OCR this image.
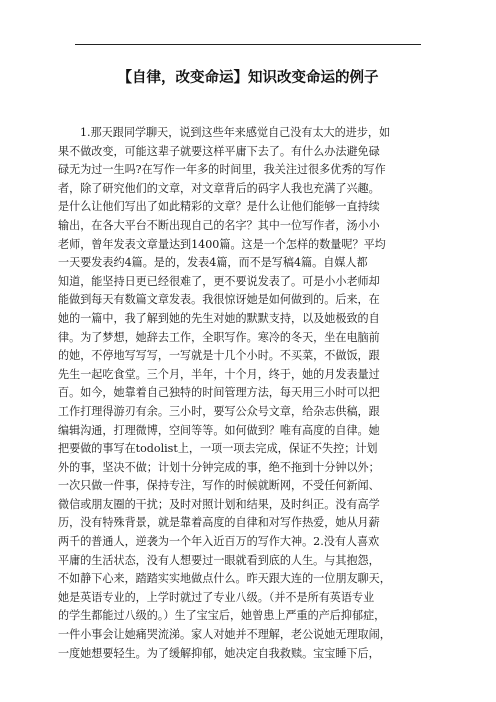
【自律，改变命运】知识改变命运的例子
1.那天跟同学聊天，说到这些年来感觉自己没有太大的进步，如
果不做改变，可能这辈子就要这样平庸下去了。有什么办法避免碌
碌无为过一生吗?在写作一年多的时间里，我关注过很多优秀的写作
者，除了研究他们的文章，对文章背后的码字人我也充满了兴趣。
是什么让他们写出了如此精彩的文章？是什么让他们能够一直持续
输出，在各大平台不断出现自己的名字？其中一位写作者，汤小小
老师，曾年发表文章量达到1400篇。这是一个怎样的数量呢？平均
一天要发表约4篇。是的，发表4篇，而不是写稿4篇。自媒人都
知道，能坚持日更已经很难了，更不要说发表了。可是小小老师却
能做到每天有数篇文章发表。我很惊讶她是如何做到的。后来，在
她的一篇中，我了解到她的先生对她的默默支持，以及她极致的自
律。为了梦想，她辞去工作，全职写作。寒冷的冬天，坐在电脑前
的她，不停地写写写，一写就是十几个小时。不买菜，不做饭，跟
先生一起吃食堂。三个月，半年，十个月，终于，她的月发表量过
百。如今，她靠着自己独特的时间管理方法，每天用三小时可以把
工作打理得游刃有余。三小时，要写公众号文章，给杂志供稿，跟
编辑沟通，打理微博，空间等等。如何做到？唯有高度的自律。她
把要做的事写在todolist上，一项一项去完成，保证不失控；计划
外的事，坚决不做；计划十分钟完成的事，绝不拖到十分钟以外；
一次只做一件事，保持专注，写作的时候就断网，不受任何新闻、
微信或朋友圈的干扰；及时对照计划和结果，及时纠正。没有高学
历，没有特殊背景，就是靠着高度的自律和对写作热爱，她从月薪
两千的普通人，逆袭为一个年入近百万的写作大神。2.没有人喜欢
平庸的生活状态，没有人想要过一眼就看到底的人生。与其抱怨，
不如静下心来，踏踏实实地做点什么。昨天跟大连的一位朋友聊天，
她是英语专业的，上学时就过了专业八级。（并不是所有英语专业
的学生都能过八级的。）生了宝宝后，她曾患上严重的产后抑郁症，
一件小事会让她痛哭流涕。家人对她并不理解，老公说她无理取闹，
一度她想要轻生。为了缓解抑郁，她决定自我救赎。宝宝睡下后，
